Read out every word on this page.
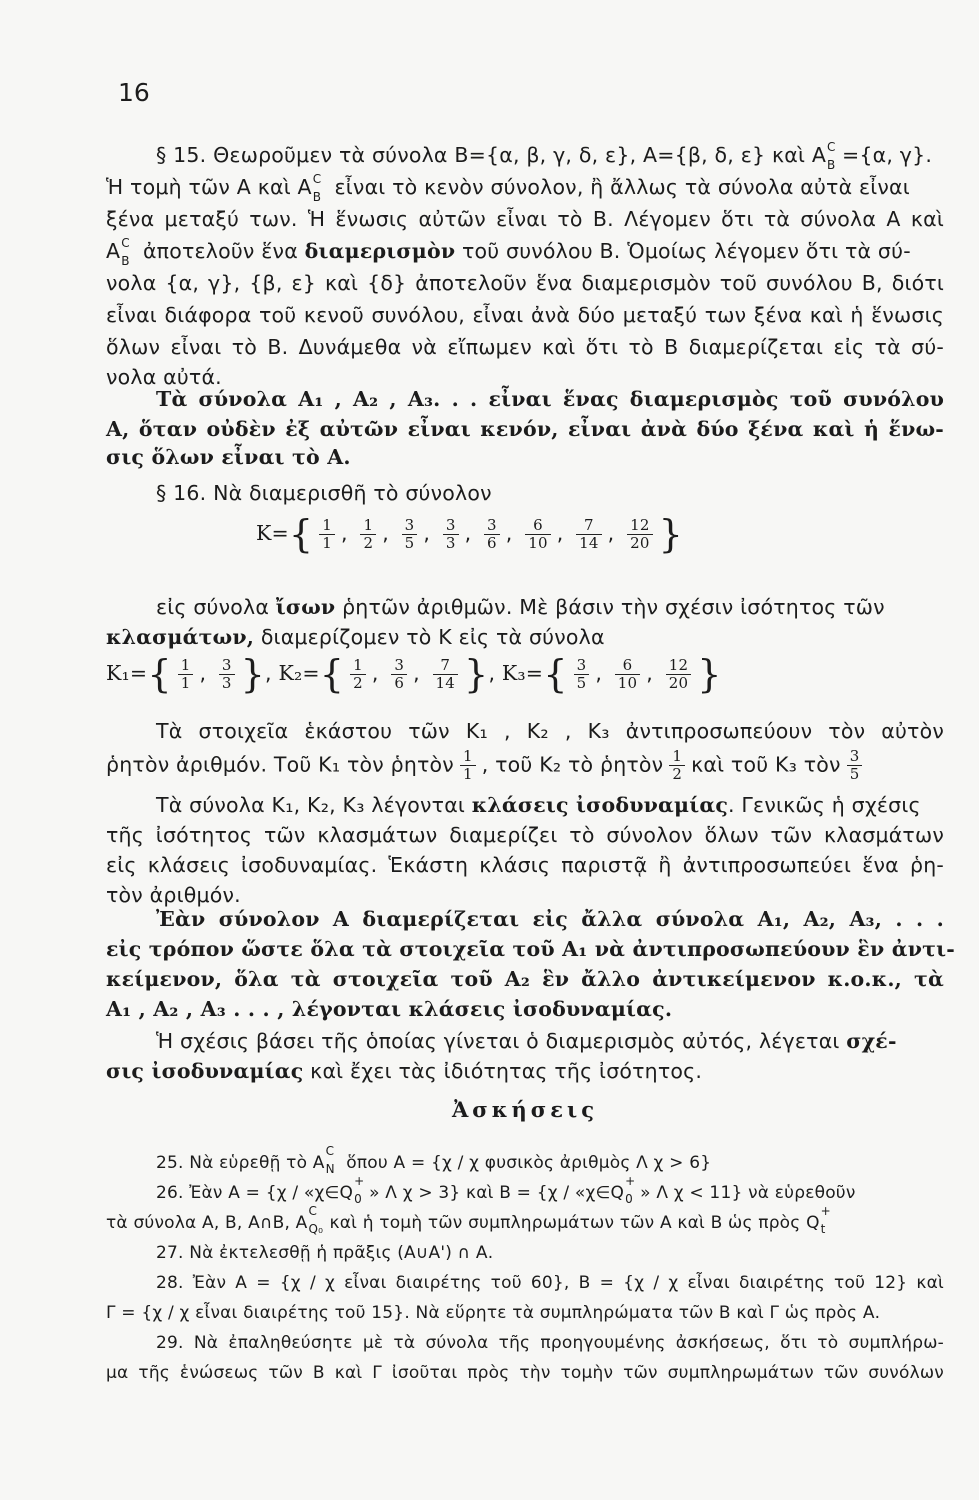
16
§ 15. Θεωροῦμεν τὰ σύνολα Β={α, β, γ, δ, ε}, Α={β, δ, ε} καὶ Α C
B ={α, γ}.
Ἡ τομὴ τῶν Α καὶ Α C
B εἶναι τὸ κενὸν σύνολον, ἢ ἄλλως τὰ σύνολα αὐτὰ εἶναι
ξένα μεταξύ των. Ἡ ἕνωσις αὐτῶν εἶναι τὸ Β. Λέγομεν ὅτι τὰ σύνολα Α καὶ
Α C
B ἀποτελοῦν ἕνα διαμερισμὸν τοῦ συνόλου Β. Ὁμοίως λέγομεν ὅτι τὰ σύ-
νολα {α, γ}, {β, ε} καὶ {δ} ἀποτελοῦν ἕνα διαμερισμὸν τοῦ συνόλου Β, διότι
εἶναι διάφορα τοῦ κενοῦ συνόλου, εἶναι ἀνὰ δύο μεταξύ των ξένα καὶ ἡ ἕνωσις
ὅλων εἶναι τὸ Β. Δυνάμεθα νὰ εἴπωμεν καὶ ὅτι τὸ Β διαμερίζεται εἰς τὰ σύ-
νολα αὐτά.
Τὰ σύνολα Α₁ , Α₂ , Α₃. . . εἶναι ἕνας διαμερισμὸς τοῦ συνόλου
Α, ὅταν οὐδὲν ἐξ αὐτῶν εἶναι κενόν, εἶναι ἀνὰ δύο ξένα καὶ ἡ ἕνω-
σις ὅλων εἶναι τὸ Α.
§ 16. Νὰ διαμερισθῆ τὸ σύνολον
$K=\{ \frac{1}{1}$ , $\frac{1}{2}$ , $\frac{3}{5}$ , $\frac{3}{3}$ , $\frac{3}{6}$ , $\frac{6}{10}$ , $\frac{7}{14}$ , $\frac{12}{20}$ }
εἰς σύνολα ἴσων ῥητῶν ἀριθμῶν. Μὲ βάσιν τὴν σχέσιν ἰσότητος τῶν
κλασμάτων, διαμερίζομεν τὸ Κ εἰς τὰ σύνολα
$K_1=\{ \frac{1}{1}$ , $\frac{3}{3}$ }, $K_2=\{ \frac{1}{2}$ , $\frac{3}{6}$ , $\frac{7}{14}$ }, $K_3=\{ \frac{3}{5}$ , $\frac{6}{10}$ , $\frac{12}{20}$ }
Τὰ στοιχεῖα ἑκάστου τῶν Κ₁ , Κ₂ , Κ₃ ἀντιπροσωπεύουν τὸν αὐτὸν
ῥητὸν ἀριθμόν. Τοῦ Κ₁ τὸν ῥητὸν $\frac{1}{1}$ , τοῦ Κ₂ τὸ ῥητὸν $\frac{1}{2}$ καὶ τοῦ Κ₃ τὸν $\frac{3}{5}$
Τὰ σύνολα Κ₁, Κ₂, Κ₃ λέγονται κλάσεις ἰσοδυναμίας. Γενικῶς ἡ σχέσις
τῆς ἰσότητος τῶν κλασμάτων διαμερίζει τὸ σύνολον ὅλων τῶν κλασμάτων
εἰς κλάσεις ἰσοδυναμίας. Ἑκάστη κλάσις παριστᾷ ἢ ἀντιπροσωπεύει ἕνα ῥη-
τὸν ἀριθμόν.
Ἐὰν σύνολον Α διαμερίζεται εἰς ἄλλα σύνολα Α₁, Α₂, Α₃, . . .
εἰς τρόπον ὥστε ὅλα τὰ στοιχεῖα τοῦ Α₁ νὰ ἀντιπροσωπεύουν ἓν ἀντι-
κείμενον, ὅλα τὰ στοιχεῖα τοῦ Α₂ ἓν ἄλλο ἀντικείμενον κ.ο.κ., τὰ
Α₁ , Α₂ , Α₃ . . . , λέγονται κλάσεις ἰσοδυναμίας.
Ἡ σχέσις βάσει τῆς ὁποίας γίνεται ὁ διαμερισμὸς αὐτός, λέγεται σχέ-
σις ἰσοδυναμίας καὶ ἔχει τὰς ἰδιότητας τῆς ἰσότητος.
Ἀσκήσεις
25. Νὰ εὑρεθῇ τὸ Α
C
N ὅπου Α = {χ / χ φυσικὸς ἀριθμὸς Λ χ > 6}
26. Ἐὰν Α = {χ / «χ∈Q
+
0 » Λ χ > 3} καὶ Β = {χ / «χ∈Q
+
0 » Λ χ < 11} νὰ εὑρεθοῦν
τὰ σύνολα Α, Β, Α∩Β, Α
C
Q₀ καὶ ἡ τομὴ τῶν συμπληρωμάτων τῶν Α καὶ Β ὡς πρὸς Q
+
t
27. Νὰ ἐκτελεσθῇ ἡ πρᾶξις (Α∪Α') ∩ Α.
28. Ἐὰν Α = {χ / χ εἶναι διαιρέτης τοῦ 60}, Β = {χ / χ εἶναι διαιρέτης τοῦ 12} καὶ
Γ = {χ / χ εἶναι διαιρέτης τοῦ 15}. Νὰ εὕρητε τὰ συμπληρώματα τῶν Β καὶ Γ ὡς πρὸς Α.
29. Νὰ ἐπαληθεύσητε μὲ τὰ σύνολα τῆς προηγουμένης ἀσκήσεως, ὅτι τὸ συμπλήρω-
μα τῆς ἑνώσεως τῶν Β καὶ Γ ἰσοῦται πρὸς τὴν τομὴν τῶν συμπληρωμάτων τῶν συνόλων
